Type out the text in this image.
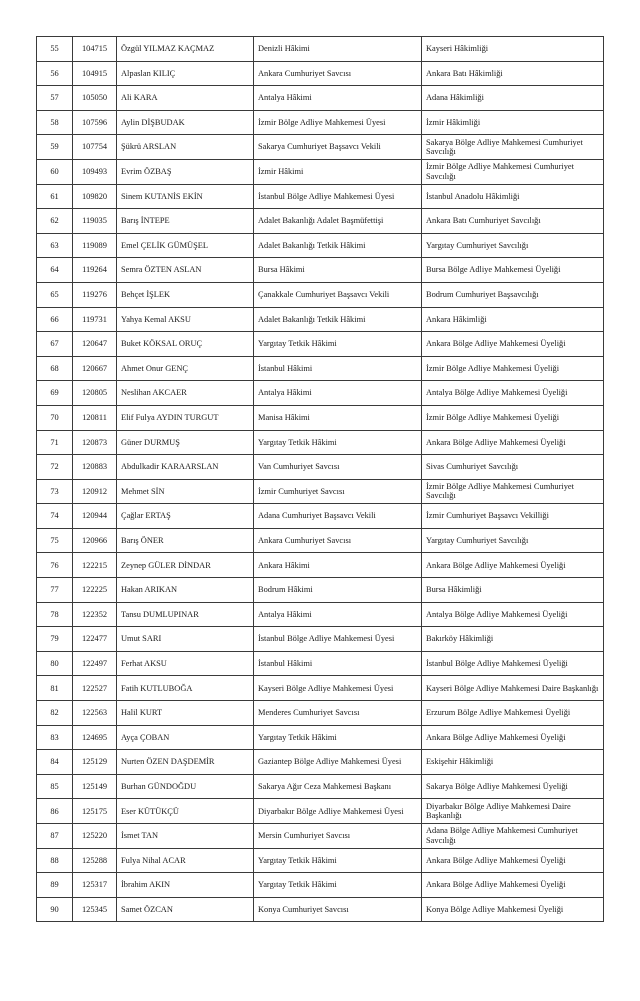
55	104715	Özgül YILMAZ KAÇMAZ	Denizli Hâkimi	Kayseri Hâkimliği
56	104915	Alpaslan KILIÇ	Ankara Cumhuriyet Savcısı	Ankara Batı Hâkimliği
57	105050	Ali KARA	Antalya Hâkimi	Adana Hâkimliği
58	107596	Aylin DİŞBUDAK	İzmir Bölge Adliye Mahkemesi Üyesi	İzmir Hâkimliği
59	107754	Şükrü ARSLAN	Sakarya Cumhuriyet Başsavcı Vekili	Sakarya Bölge Adliye Mahkemesi Cumhuriyet Savcılığı
60	109493	Evrim ÖZBAŞ	İzmir Hâkimi	İzmir Bölge Adliye Mahkemesi Cumhuriyet Savcılığı
61	109820	Sinem KUTANİS EKİN	İstanbul Bölge Adliye Mahkemesi Üyesi	İstanbul Anadolu Hâkimliği
62	119035	Barış İNTEPE	Adalet Bakanlığı Adalet Başmüfettişi	Ankara Batı Cumhuriyet Savcılığı
63	119089	Emel ÇELİK GÜMÜŞEL	Adalet Bakanlığı Tetkik Hâkimi	Yargıtay Cumhuriyet Savcılığı
64	119264	Semra ÖZTEN ASLAN	Bursa Hâkimi	Bursa Bölge Adliye Mahkemesi Üyeliği
65	119276	Behçet İŞLEK	Çanakkale Cumhuriyet Başsavcı Vekili	Bodrum Cumhuriyet Başsavcılığı
66	119731	Yahya Kemal AKSU	Adalet Bakanlığı Tetkik Hâkimi	Ankara Hâkimliği
67	120647	Buket KÖKSAL ORUÇ	Yargıtay Tetkik Hâkimi	Ankara Bölge Adliye Mahkemesi Üyeliği
68	120667	Ahmet Onur GENÇ	İstanbul Hâkimi	İzmir Bölge Adliye Mahkemesi Üyeliği
69	120805	Neslihan AKCAER	Antalya Hâkimi	Antalya Bölge Adliye Mahkemesi Üyeliği
70	120811	Elif Fulya AYDIN TURGUT	Manisa Hâkimi	İzmir Bölge Adliye Mahkemesi Üyeliği
71	120873	Güner DURMUŞ	Yargıtay Tetkik Hâkimi	Ankara Bölge Adliye Mahkemesi Üyeliği
72	120883	Abdulkadir KARAARSLAN	Van Cumhuriyet Savcısı	Sivas Cumhuriyet Savcılığı
73	120912	Mehmet SİN	İzmir Cumhuriyet Savcısı	İzmir Bölge Adliye Mahkemesi Cumhuriyet Savcılığı
74	120944	Çağlar ERTAŞ	Adana Cumhuriyet Başsavcı Vekili	İzmir Cumhuriyet Başsavcı Vekilliği
75	120966	Barış ÖNER	Ankara Cumhuriyet Savcısı	Yargıtay Cumhuriyet Savcılığı
76	122215	Zeynep GÜLER DİNDAR	Ankara Hâkimi	Ankara Bölge Adliye Mahkemesi Üyeliği
77	122225	Hakan ARIKAN	Bodrum Hâkimi	Bursa Hâkimliği
78	122352	Tansu DUMLUPINAR	Antalya Hâkimi	Antalya Bölge Adliye Mahkemesi Üyeliği
79	122477	Umut SARI	İstanbul Bölge Adliye Mahkemesi Üyesi	Bakırköy Hâkimliği
80	122497	Ferhat AKSU	İstanbul Hâkimi	İstanbul Bölge Adliye Mahkemesi Üyeliği
81	122527	Fatih KUTLUBOĞA	Kayseri Bölge Adliye Mahkemesi Üyesi	Kayseri Bölge Adliye Mahkemesi Daire Başkanlığı
82	122563	Halil KURT	Menderes Cumhuriyet Savcısı	Erzurum Bölge Adliye Mahkemesi Üyeliği
83	124695	Ayça ÇOBAN	Yargıtay Tetkik Hâkimi	Ankara Bölge Adliye Mahkemesi Üyeliği
84	125129	Nurten ÖZEN DAŞDEMİR	Gaziantep Bölge Adliye Mahkemesi Üyesi	Eskişehir Hâkimliği
85	125149	Burhan GÜNDOĞDU	Sakarya Ağır Ceza Mahkemesi Başkanı	Sakarya Bölge Adliye Mahkemesi Üyeliği
86	125175	Eser KÜTÜKÇÜ	Diyarbakır Bölge Adliye Mahkemesi Üyesi	Diyarbakır Bölge Adliye Mahkemesi Daire Başkanlığı
87	125220	İsmet TAN	Mersin Cumhuriyet Savcısı	Adana Bölge Adliye Mahkemesi Cumhuriyet Savcılığı
88	125288	Fulya Nihal ACAR	Yargıtay Tetkik Hâkimi	Ankara Bölge Adliye Mahkemesi Üyeliği
89	125317	İbrahim AKIN	Yargıtay Tetkik Hâkimi	Ankara Bölge Adliye Mahkemesi Üyeliği
90	125345	Samet ÖZCAN	Konya Cumhuriyet Savcısı	Konya Bölge Adliye Mahkemesi Üyeliği
